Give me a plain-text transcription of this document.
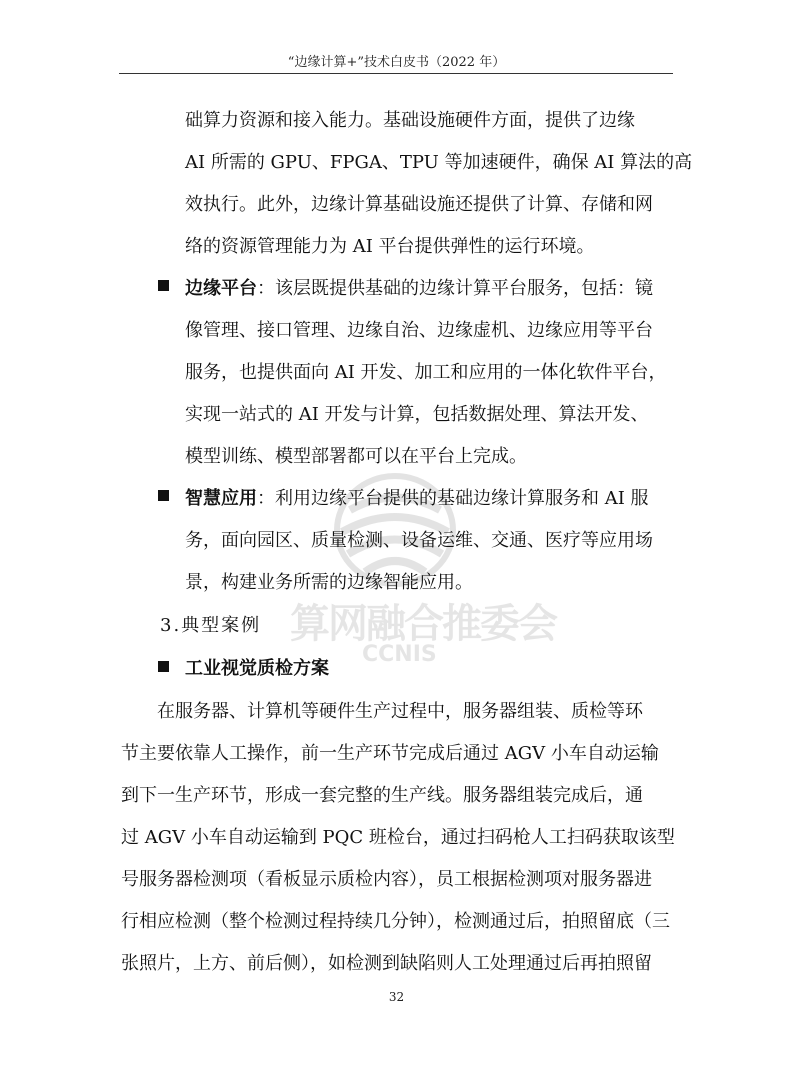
“边缘计算+”技术白皮书（2022 年）
算网融合推委会
CCNIS
础算力资源和接入能力。基础设施硬件方面，提供了边缘
AI 所需的 GPU、FPGA、TPU 等加速硬件，确保 AI 算法的高
效执行。此外，边缘计算基础设施还提供了计算、存储和网
络的资源管理能力为 AI 平台提供弹性的运行环境。
边缘平台：该层既提供基础的边缘计算平台服务，包括：镜
像管理、接口管理、边缘自治、边缘虚机、边缘应用等平台
服务，也提供面向 AI 开发、加工和应用的一体化软件平台，
实现一站式的 AI 开发与计算，包括数据处理、算法开发、
模型训练、模型部署都可以在平台上完成。
智慧应用：利用边缘平台提供的基础边缘计算服务和 AI 服
务，面向园区、质量检测、设备运维、交通、医疗等应用场
景，构建业务所需的边缘智能应用。
3.典型案例
工业视觉质检方案
在服务器、计算机等硬件生产过程中，服务器组装、质检等环
节主要依靠人工操作，前一生产环节完成后通过 AGV 小车自动运输
到下一生产环节，形成一套完整的生产线。服务器组装完成后，通
过 AGV 小车自动运输到 PQC 班检台，通过扫码枪人工扫码获取该型
号服务器检测项（看板显示质检内容），员工根据检测项对服务器进
行相应检测（整个检测过程持续几分钟），检测通过后，拍照留底（三
张照片，上方、前后侧），如检测到缺陷则人工处理通过后再拍照留
32
